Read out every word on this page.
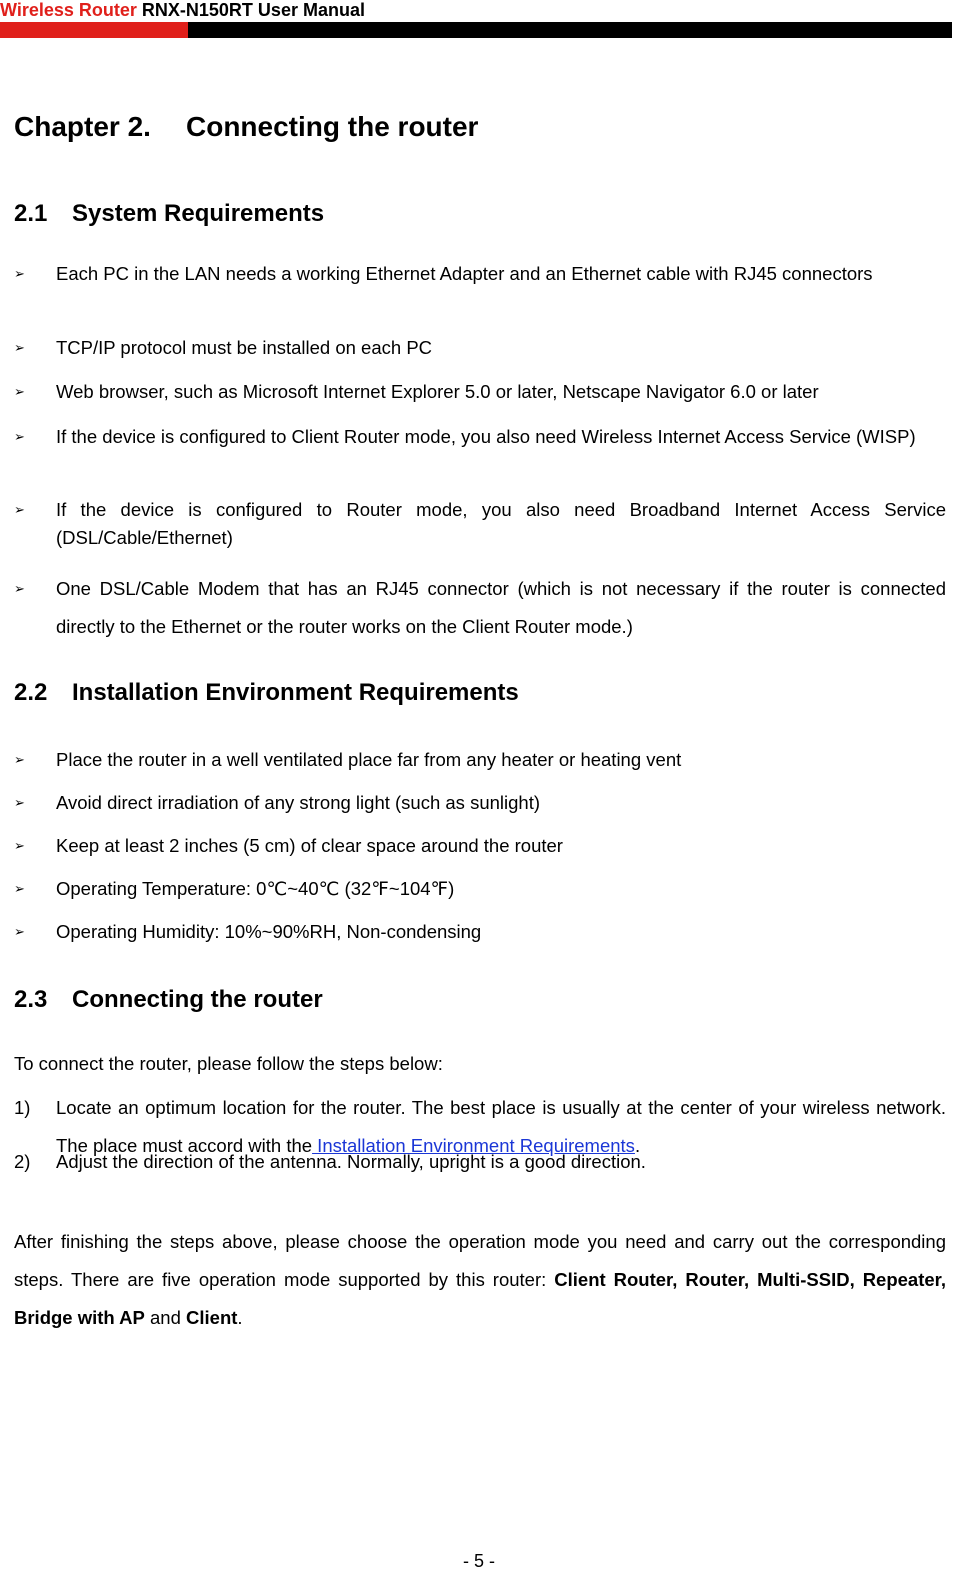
Wireless Router RNX-N150RT User Manual
Chapter 2. Connecting the router
2.1 System Requirements
➢	Each PC in the LAN needs a working Ethernet Adapter and an Ethernet cable with RJ45 connectors
➢	TCP/IP protocol must be installed on each PC
➢	Web browser, such as Microsoft Internet Explorer 5.0 or later, Netscape Navigator 6.0 or later
➢	If the device is configured to Client Router mode, you also need Wireless Internet Access Service (WISP)
➢	If the device is configured to Router mode, you also need Broadband Internet Access Service (DSL/Cable/Ethernet)
➢	One DSL/Cable Modem that has an RJ45 connector (which is not necessary if the router is connected directly to the Ethernet or the router works on the Client Router mode.)
2.2 Installation Environment Requirements
➢	Place the router in a well ventilated place far from any heater or heating vent
➢	Avoid direct irradiation of any strong light (such as sunlight)
➢	Keep at least 2 inches (5 cm) of clear space around the router
➢	Operating Temperature: 0℃~40℃ (32℉~104℉)
➢	Operating Humidity: 10%~90%RH, Non-condensing
2.3 Connecting the router
To connect the router, please follow the steps below:
1)	Locate an optimum location for the router. The best place is usually at the center of your wireless network. The place must accord with the Installation Environment Requirements.
2)	Adjust the direction of the antenna. Normally, upright is a good direction.
After finishing the steps above, please choose the operation mode you need and carry out the corresponding steps. There are five operation mode supported by this router: Client Router, Router, Multi-SSID, Repeater, Bridge with AP and Client.
- 5 -
